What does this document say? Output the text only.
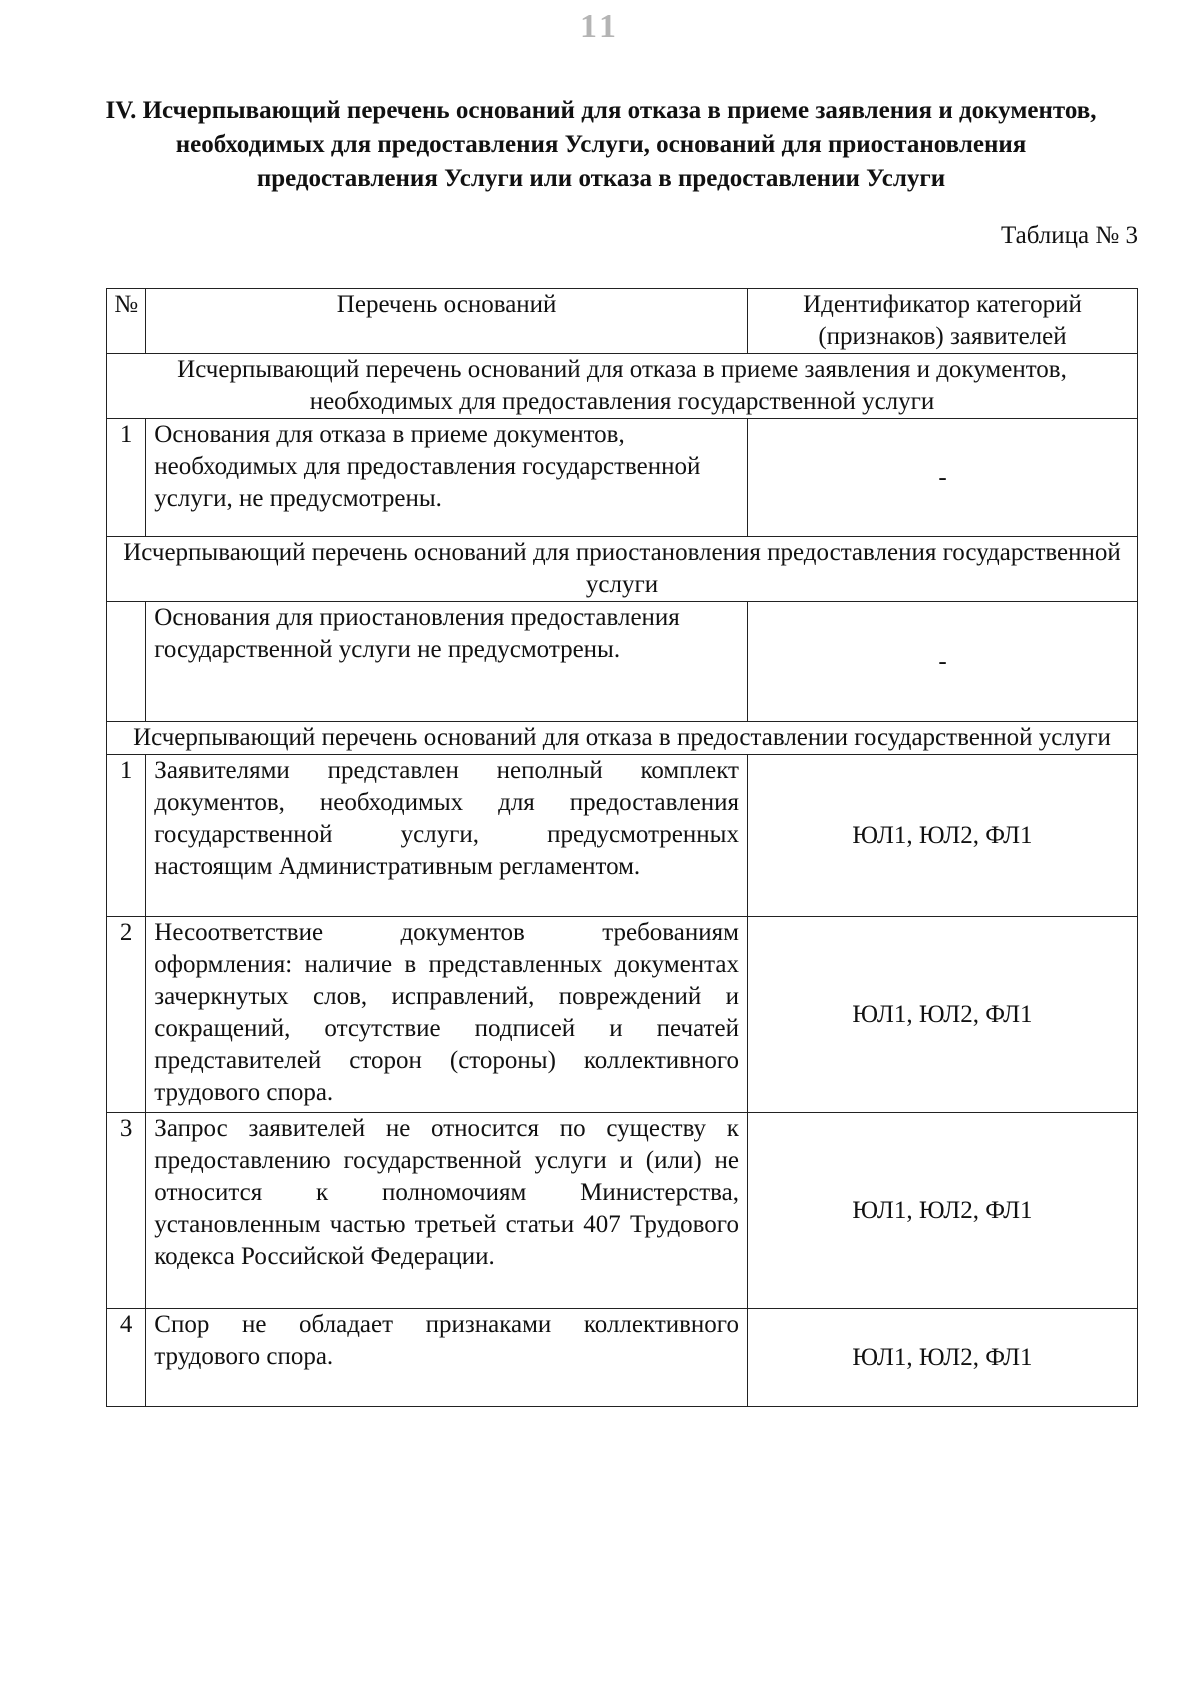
11
IV. Исчерпывающий перечень оснований для отказа в приеме заявления и документов, необходимых для предоставления Услуги, оснований для приостановления предоставления Услуги или отказа в предоставлении Услуги
Таблица № 3
№	Перечень оснований	Идентификатор категорий (признаков) заявителей
Исчерпывающий перечень оснований для отказа в приеме заявления и документов, необходимых для предоставления государственной услуги		
1	Основания для отказа в приеме документов, необходимых для предоставления государственной услуги, не предусмотрены.	-
Исчерпывающий перечень оснований для приостановления предоставления государственной услуги		
	Основания для приостановления предоставления государственной услуги не предусмотрены.	-
Исчерпывающий перечень оснований для отказа в предоставлении государственной услуги		
1	Заявителями представлен неполный комплект документов, необходимых для предоставления государственной услуги, предусмотренных настоящим Административным регламентом.	ЮЛ1, ЮЛ2, ФЛ1
2	Несоответствие документов требованиям оформления: наличие в представленных документах зачеркнутых слов, исправлений, повреждений и сокращений, отсутствие подписей и печатей представителей сторон (стороны) коллективного трудового спора.	ЮЛ1, ЮЛ2, ФЛ1
3	Запрос заявителей не относится по существу к предоставлению государственной услуги и (или) не относится к полномочиям Министерства, установленным частью третьей статьи 407 Трудового кодекса Российской Федерации.	ЮЛ1, ЮЛ2, ФЛ1
4	Спор не обладает признаками коллективного трудового спора.	ЮЛ1, ЮЛ2, ФЛ1
